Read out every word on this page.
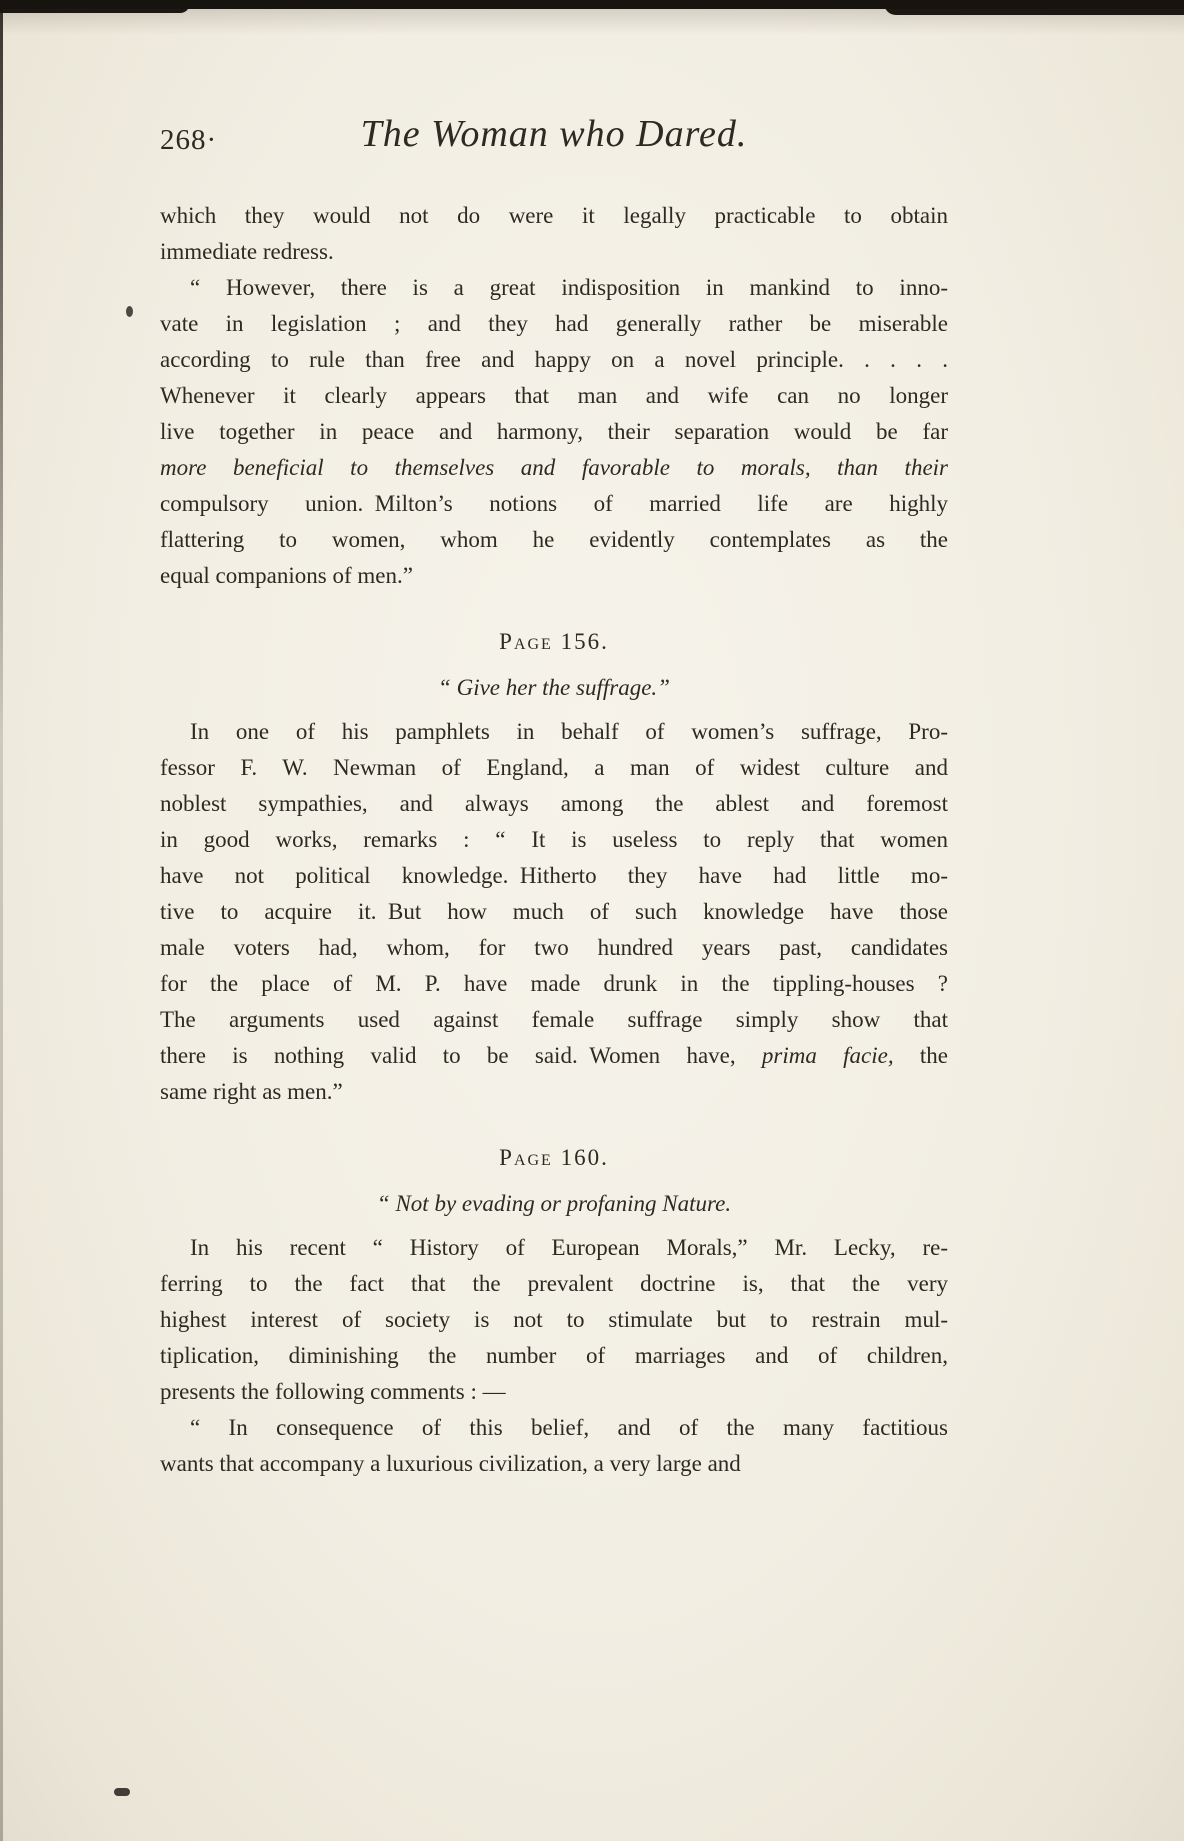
268·	The Woman who Dared.
which they would not do were it legally practicable to obtain
immediate redress.
“ However, there is a great indisposition in mankind to inno-
vate in legislation ; and they had generally rather be miserable
according to rule than free and happy on a novel principle. . . . .
Whenever it clearly appears that man and wife can no longer
live together in peace and harmony, their separation would be far
more beneficial to themselves and favorable to morals, than their
compulsory union. Milton’s notions of married life are highly
flattering to women, whom he evidently contemplates as the
equal companions of men.”
Page 156.
“ Give her the suffrage.”
In one of his pamphlets in behalf of women’s suffrage, Pro-
fessor F. W. Newman of England, a man of widest culture and
noblest sympathies, and always among the ablest and foremost
in good works, remarks : “ It is useless to reply that women
have not political knowledge. Hitherto they have had little mo-
tive to acquire it. But how much of such knowledge have those
male voters had, whom, for two hundred years past, candidates
for the place of M. P. have made drunk in the tippling-houses ?
The arguments used against female suffrage simply show that
there is nothing valid to be said. Women have, prima facie, the
same right as men.”
Page 160.
“ Not by evading or profaning Nature.
In his recent “ History of European Morals,” Mr. Lecky, re-
ferring to the fact that the prevalent doctrine is, that the very
highest interest of society is not to stimulate but to restrain mul-
tiplication, diminishing the number of marriages and of children,
presents the following comments : —
“ In consequence of this belief, and of the many factitious
wants that accompany a luxurious civilization, a very large and
